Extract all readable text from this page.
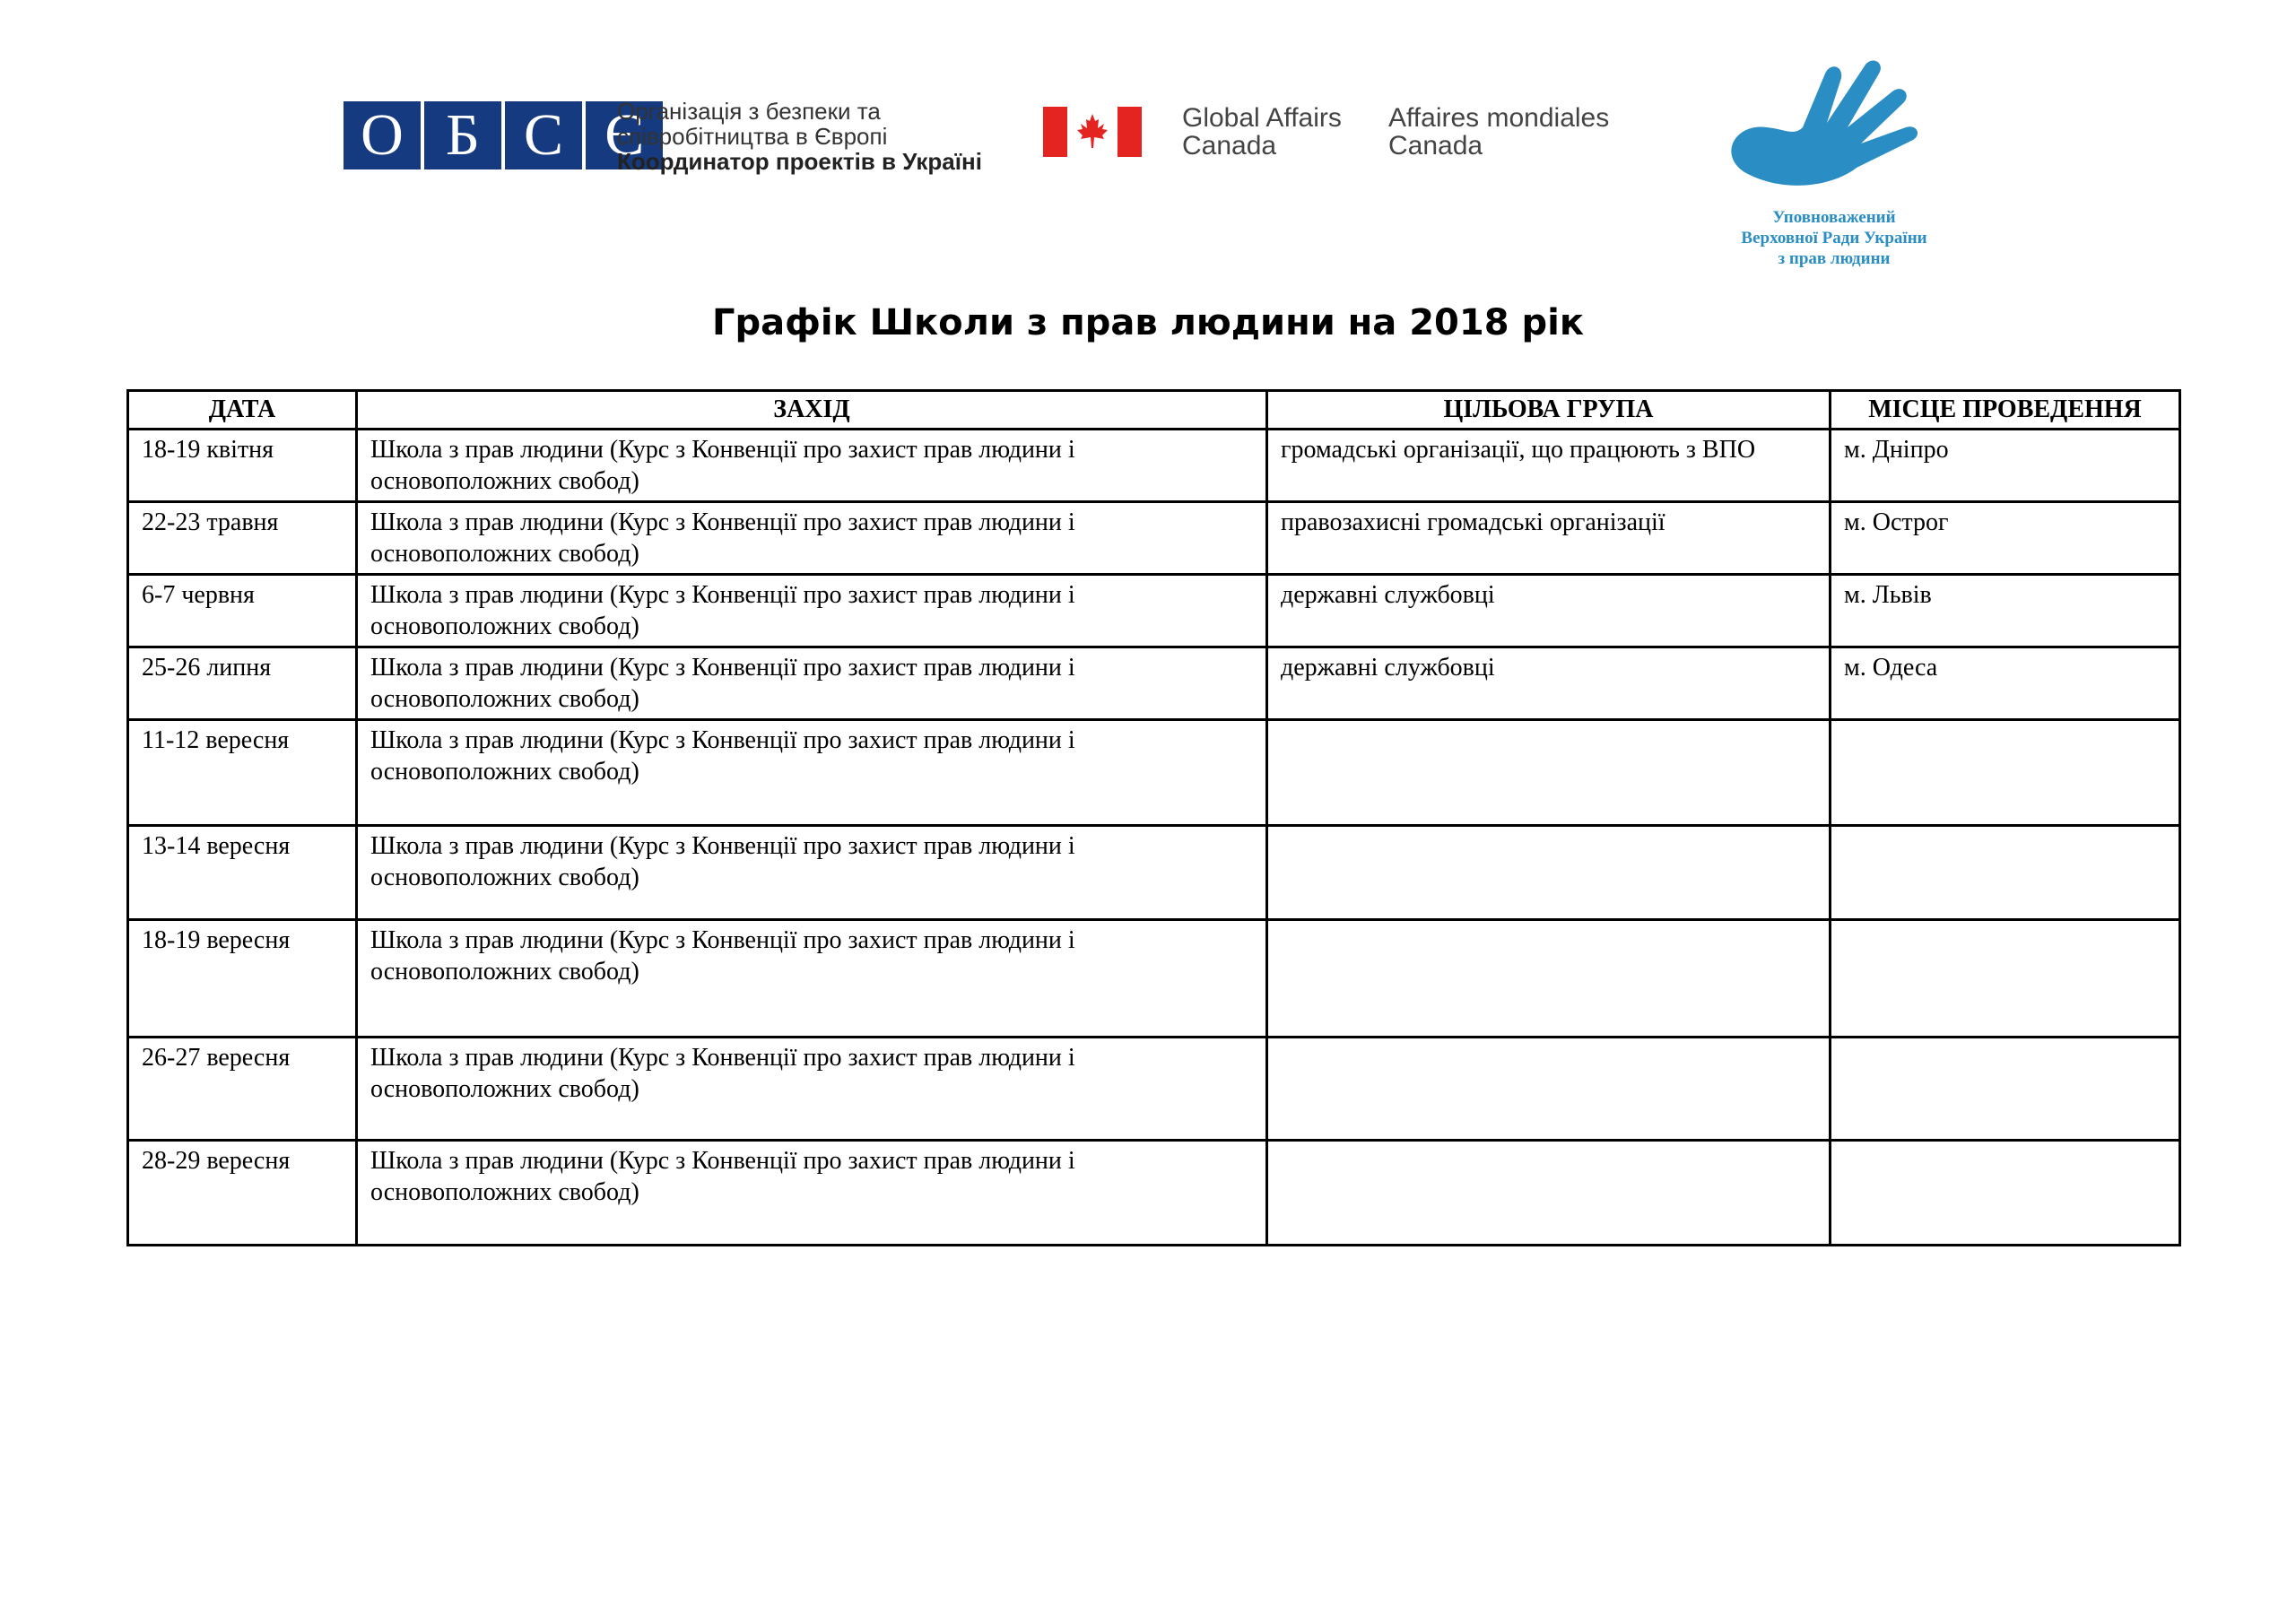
О Б С Є
Організація з безпеки та
співробітництва в Європі
Координатор проектів в Україні
Global Affairs
Canada
Affaires mondiales
Canada
Уповноважений
Верховної Ради України
з прав людини
Графік Школи з прав людини на 2018 рік
ДАТА	ЗАХІД	ЦІЛЬОВА ГРУПА	МІСЦЕ ПРОВЕДЕННЯ
18-19 квітня	Школа з прав людини (Курс з Конвенції про захист прав людини і
основоположних свобод)	громадські організації, що працюють з ВПО	м. Дніпро
22-23 травня	Школа з прав людини (Курс з Конвенції про захист прав людини і
основоположних свобод)	правозахисні громадські організації	м. Острог
6-7 червня	Школа з прав людини (Курс з Конвенції про захист прав людини і
основоположних свобод)	державні службовці	м. Львів
25-26 липня	Школа з прав людини (Курс з Конвенції про захист прав людини і
основоположних свобод)	державні службовці	м. Одеса
11-12 вересня	Школа з прав людини (Курс з Конвенції про захист прав людини і
основоположних свобод)		

13-14 вересня	Школа з прав людини (Курс з Конвенції про захист прав людини і
основоположних свобод)		

18-19 вересня	Школа з прав людини (Курс з Конвенції про захист прав людини і
основоположних свобод)		

26-27 вересня	Школа з прав людини (Курс з Конвенції про захист прав людини і
основоположних свобод)		

28-29 вересня	Школа з прав людини (Курс з Конвенції про захист прав людини і
основоположних свобод)		
